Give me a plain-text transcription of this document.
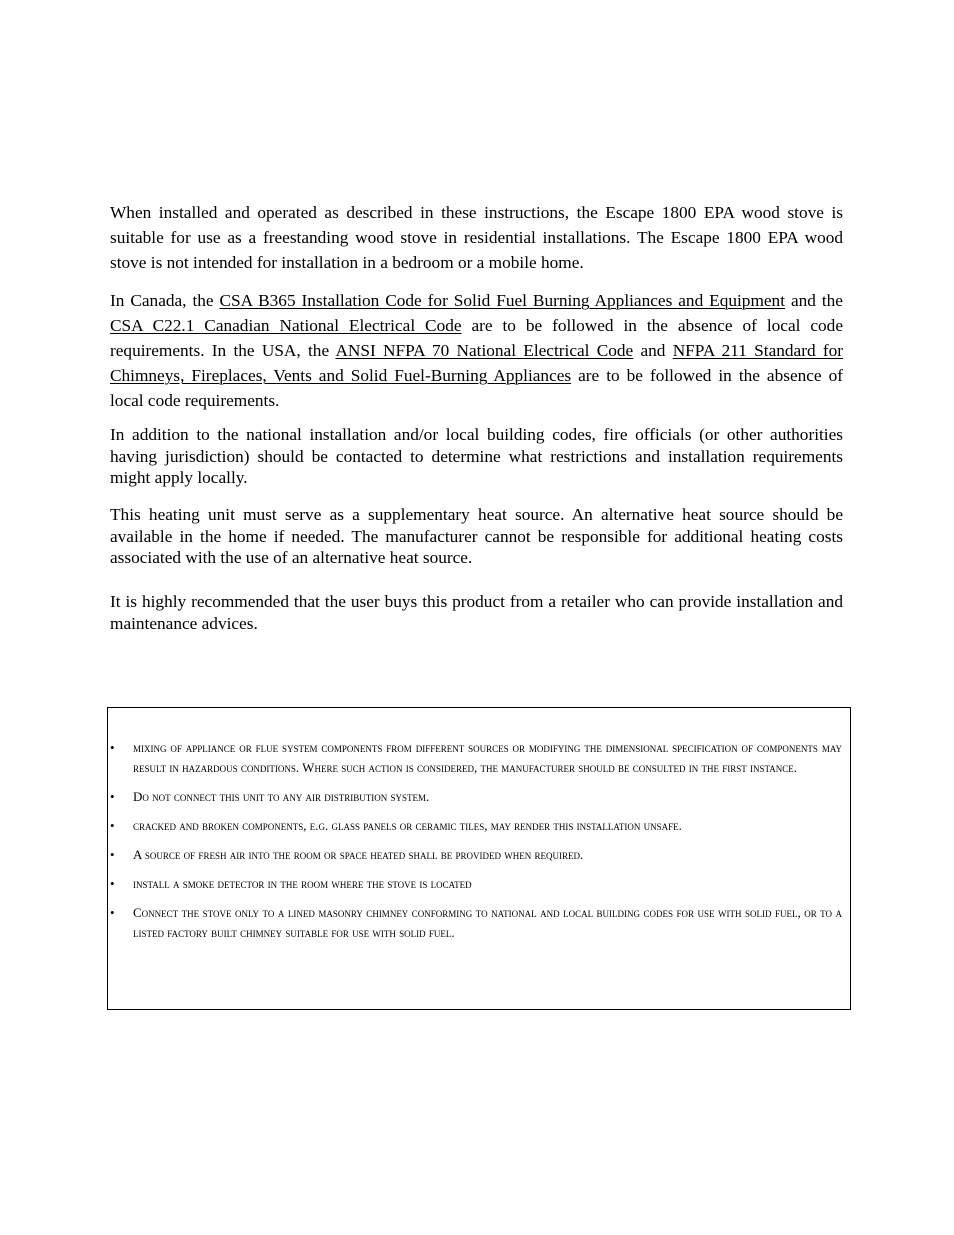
When installed and operated as described in these instructions, the Escape 1800 EPA wood stove is suitable for use as a freestanding wood stove in residential installations. The Escape 1800 EPA wood stove is not intended for installation in a bedroom or a mobile home.

In Canada, the CSA B365 Installation Code for Solid Fuel Burning Appliances and Equipment and the CSA C22.1 Canadian National Electrical Code are to be followed in the absence of local code requirements. In the USA, the ANSI NFPA 70 National Electrical Code and NFPA 211 Standard for Chimneys, Fireplaces, Vents and Solid Fuel-Burning Appliances are to be followed in the absence of local code requirements.

In addition to the national installation and/or local building codes, fire officials (or other authorities having jurisdiction) should be contacted to determine what restrictions and installation requirements might apply locally.

This heating unit must serve as a supplementary heat source. An alternative heat source should be available in the home if needed. The manufacturer cannot be responsible for additional heating costs associated with the use of an alternative heat source.

It is highly recommended that the user buys this product from a retailer who can provide installation and maintenance advices.

• mixing of appliance or flue system components from different sources or modifying the dimensional specification of components may result in hazardous conditions. Where such action is considered, the manufacturer should be consulted in the first instance.
• Do not connect this unit to any air distribution system.
• cracked and broken components, e.g. glass panels or ceramic tiles, may render this installation unsafe.
• A source of fresh air into the room or space heated shall be provided when required.
• install a smoke detector in the room where the stove is located
• Connect the stove only to a lined masonry chimney conforming to national and local building codes for use with solid fuel, or to a listed factory built chimney suitable for use with solid fuel.
